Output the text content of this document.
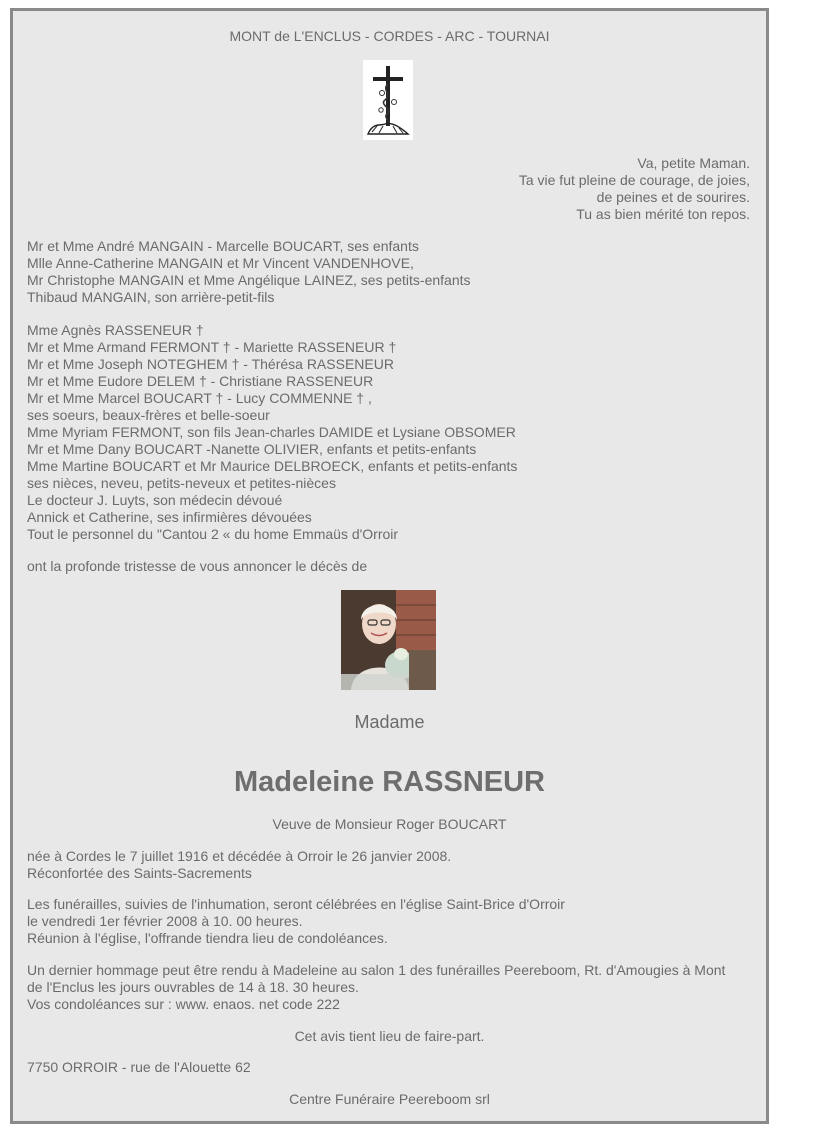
MONT de L'ENCLUS - CORDES - ARC - TOURNAI
Va, petite Maman.
Ta vie fut pleine de courage, de joies,
de peines et de sourires.
Tu as bien mérité ton repos.
Mr et Mme André MANGAIN - Marcelle BOUCART, ses enfants
Mlle Anne-Catherine MANGAIN et Mr Vincent VANDENHOVE,
Mr Christophe MANGAIN et Mme Angélique LAINEZ, ses petits-enfants
Thibaud MANGAIN, son arrière-petit-fils
Mme Agnès RASSENEUR †
Mr et Mme Armand FERMONT † - Mariette RASSENEUR †
Mr et Mme Joseph NOTEGHEM † - Thérésa RASSENEUR
Mr et Mme Eudore DELEM † - Christiane RASSENEUR
Mr et Mme Marcel BOUCART † - Lucy COMMENNE † ,
ses soeurs, beaux-frères et belle-soeur
Mme Myriam FERMONT, son fils Jean-charles DAMIDE et Lysiane OBSOMER
Mr et Mme Dany BOUCART -Nanette OLIVIER, enfants et petits-enfants
Mme Martine BOUCART et Mr Maurice DELBROECK, enfants et petits-enfants
ses nièces, neveu, petits-neveux et petites-nièces
Le docteur J. Luyts, son médecin dévoué
Annick et Catherine, ses infirmières dévouées
Tout le personnel du "Cantou 2 « du home Emmaüs d'Orroir
ont la profonde tristesse de vous annoncer le décès de
Madame
Madeleine RASSNEUR
Veuve de Monsieur Roger BOUCART
née à Cordes le 7 juillet 1916 et décédée à Orroir le 26 janvier 2008.
Réconfortée des Saints-Sacrements
Les funérailles, suivies de l'inhumation, seront célébrées en l'église Saint-Brice d'Orroir
le vendredi 1er février 2008 à 10. 00 heures.
Réunion à l'église, l'offrande tiendra lieu de condoléances.
Un dernier hommage peut être rendu à Madeleine au salon 1 des funérailles Peereboom, Rt. d'Amougies à Mont
de l'Enclus les jours ouvrables de 14 à 18. 30 heures.
Vos condoléances sur : www. enaos. net code 222
Cet avis tient lieu de faire-part.
7750 ORROIR - rue de l'Alouette 62
Centre Funéraire Peereboom srl
